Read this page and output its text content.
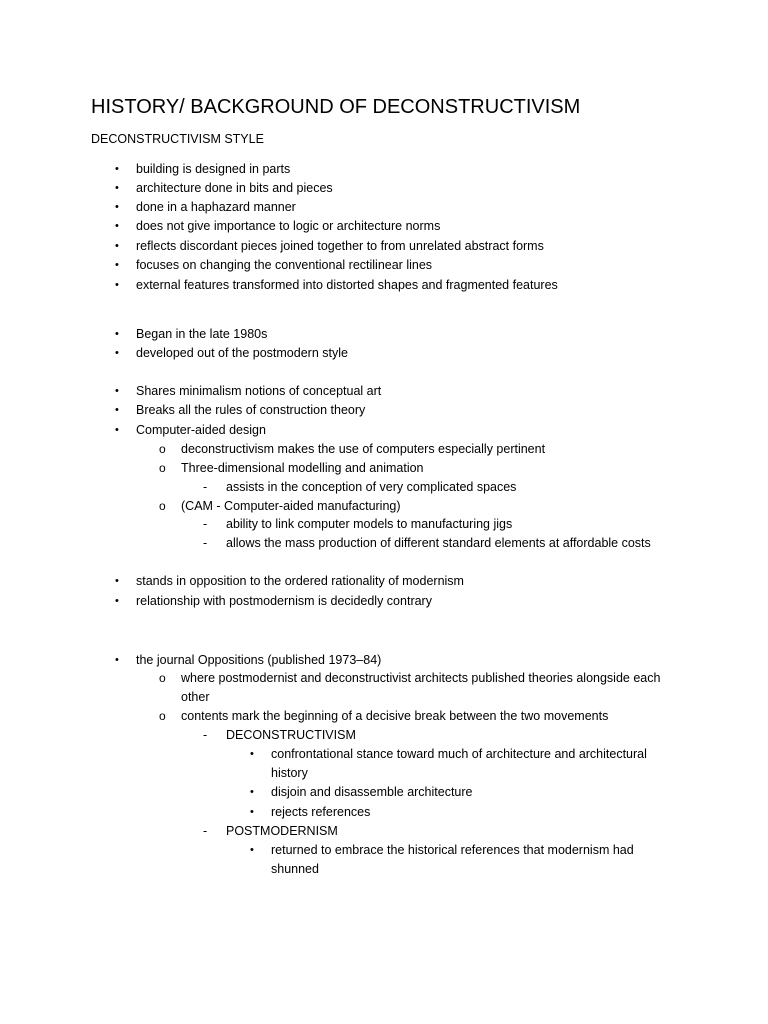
HISTORY/ BACKGROUND OF DECONSTRUCTIVISM
DECONSTRUCTIVISM STYLE
• building is designed in parts
• architecture done in bits and pieces
• done in a haphazard manner
• does not give importance to logic or architecture norms
• reflects discordant pieces joined together to from unrelated abstract forms
• focuses on changing the conventional rectilinear lines
• external features transformed into distorted shapes and fragmented features
• Began in the late 1980s
• developed out of the postmodern style
• Shares minimalism notions of conceptual art
• Breaks all the rules of construction theory
• Computer-aided design
o deconstructivism makes the use of computers especially pertinent
o Three-dimensional modelling and animation
- assists in the conception of very complicated spaces
o (CAM - Computer-aided manufacturing)
- ability to link computer models to manufacturing jigs
- allows the mass production of different standard elements at affordable costs
• stands in opposition to the ordered rationality of modernism
• relationship with postmodernism is decidedly contrary
• the journal Oppositions (published 1973–84)
o where postmodernist and deconstructivist architects published theories alongside each
other
o contents mark the beginning of a decisive break between the two movements
- DECONSTRUCTIVISM
• confrontational stance toward much of architecture and architectural
history
• disjoin and disassemble architecture
• rejects references
- POSTMODERNISM
• returned to embrace the historical references that modernism had
shunned
